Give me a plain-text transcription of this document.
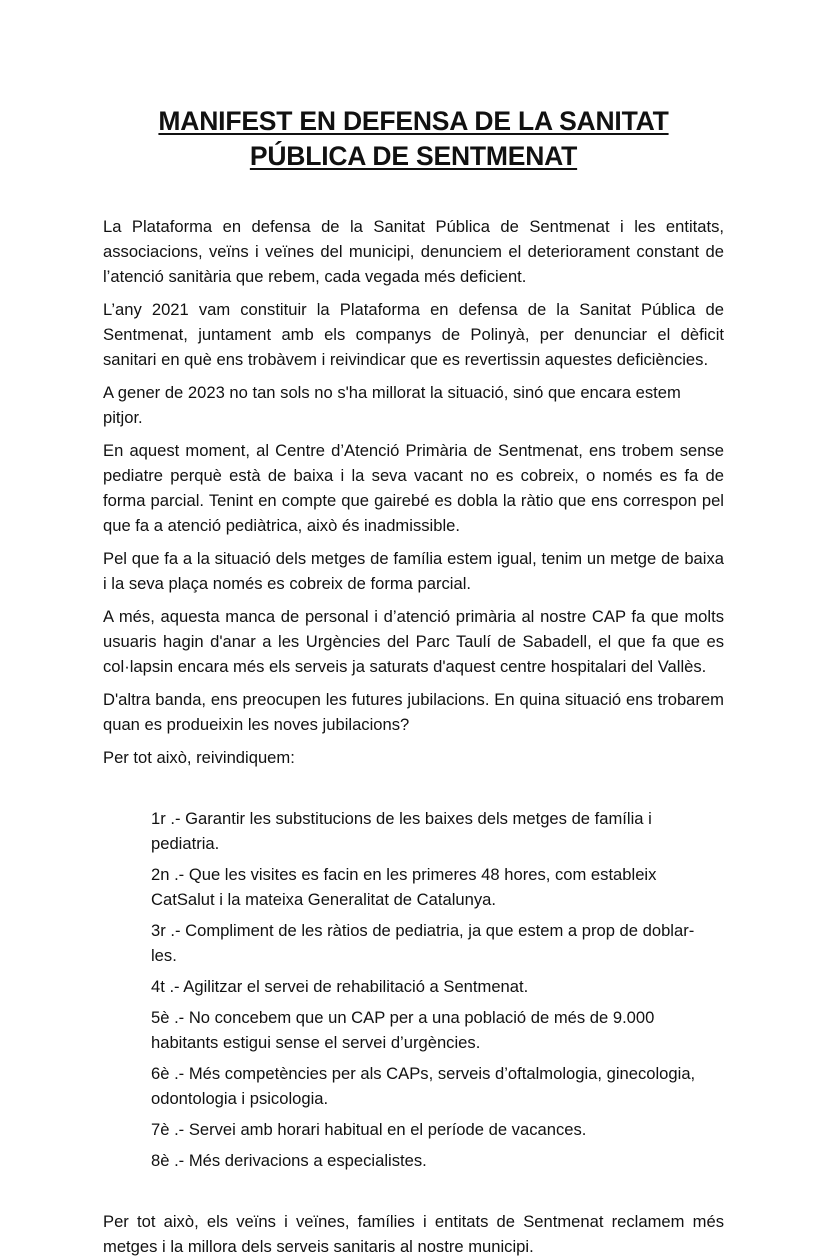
MANIFEST EN DEFENSA DE LA SANITAT
PÚBLICA DE SENTMENAT

La Plataforma en defensa de la Sanitat Pública de Sentmenat i les entitats, associacions, veïns i veïnes del municipi, denunciem el deteriorament constant de l’atenció sanitària que rebem, cada vegada més deficient.

L’any 2021 vam constituir la Plataforma en defensa de la Sanitat Pública de Sentmenat, juntament amb els companys de Polinyà, per denunciar el dèficit sanitari en què ens trobàvem i reivindicar que es revertissin aquestes deficiències.

A gener de 2023 no tan sols no s'ha millorat la situació, sinó que encara estem pitjor.

En aquest moment, al Centre d’Atenció Primària de Sentmenat, ens trobem sense pediatre perquè està de baixa i la seva vacant no es cobreix, o només es fa de forma parcial. Tenint en compte que gairebé es dobla la ràtio que ens correspon pel que fa a atenció pediàtrica, això és inadmissible.

Pel que fa a la situació dels metges de família estem igual, tenim un metge de baixa i la seva plaça només es cobreix de forma parcial.

A més, aquesta manca de personal i d’atenció primària al nostre CAP fa que molts usuaris hagin d'anar a les Urgències del Parc Taulí de Sabadell, el que fa que es col·lapsin encara més els serveis ja saturats d'aquest centre hospitalari del Vallès.

D'altra banda, ens preocupen les futures jubilacions. En quina situació ens trobarem quan es produeixin les noves jubilacions?

Per tot això, reivindiquem:

1r .- Garantir les substitucions de les baixes dels metges de família i pediatria.
2n .- Que les visites es facin en les primeres 48 hores, com estableix CatSalut i la mateixa Generalitat de Catalunya.
3r .- Compliment de les ràtios de pediatria, ja que estem a prop de doblar-les.
4t .- Agilitzar el servei de rehabilitació a Sentmenat.
5è .- No concebem que un CAP per a una població de més de 9.000 habitants estigui sense el servei d’urgències.
6è .- Més competències per als CAPs, serveis d’oftalmologia, ginecologia, odontologia i psicologia.
7è .- Servei amb horari habitual en el període de vacances.
8è .- Més derivacions a especialistes.

Per tot això, els veïns i veïnes, famílies i entitats de Sentmenat reclamem més metges i la millora dels serveis sanitaris al nostre municipi.
